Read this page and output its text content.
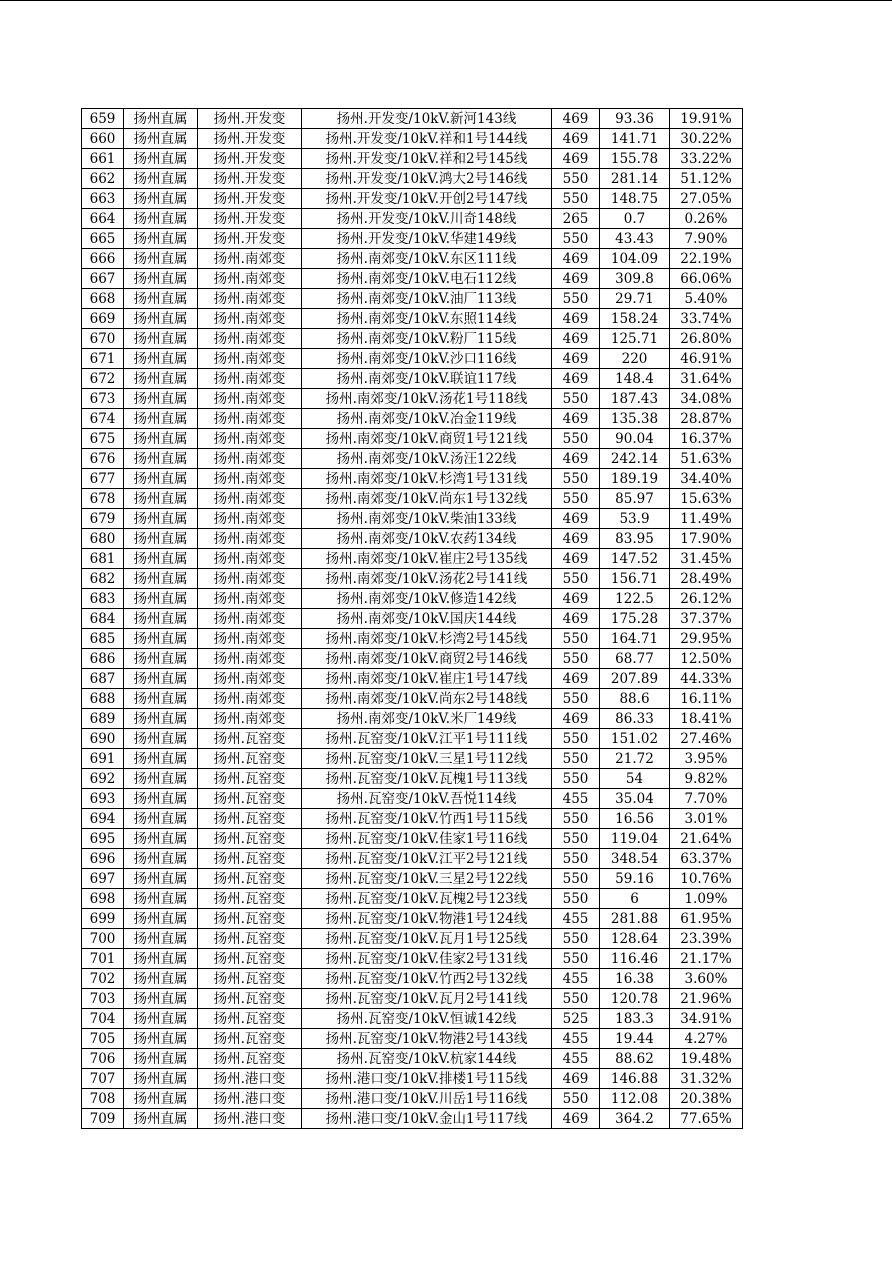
659	扬州直属	扬州.开发变	扬州.开发变/10kV.新河143线	469	93.36	19.91%
660	扬州直属	扬州.开发变	扬州.开发变/10kV.祥和1号144线	469	141.71	30.22%
661	扬州直属	扬州.开发变	扬州.开发变/10kV.祥和2号145线	469	155.78	33.22%
662	扬州直属	扬州.开发变	扬州.开发变/10kV.鸿大2号146线	550	281.14	51.12%
663	扬州直属	扬州.开发变	扬州.开发变/10kV.开创2号147线	550	148.75	27.05%
664	扬州直属	扬州.开发变	扬州.开发变/10kV.川奇148线	265	0.7	0.26%
665	扬州直属	扬州.开发变	扬州.开发变/10kV.华建149线	550	43.43	7.90%
666	扬州直属	扬州.南郊变	扬州.南郊变/10kV.东区111线	469	104.09	22.19%
667	扬州直属	扬州.南郊变	扬州.南郊变/10kV.电石112线	469	309.8	66.06%
668	扬州直属	扬州.南郊变	扬州.南郊变/10kV.油厂113线	550	29.71	5.40%
669	扬州直属	扬州.南郊变	扬州.南郊变/10kV.东照114线	469	158.24	33.74%
670	扬州直属	扬州.南郊变	扬州.南郊变/10kV.粉厂115线	469	125.71	26.80%
671	扬州直属	扬州.南郊变	扬州.南郊变/10kV.沙口116线	469	220	46.91%
672	扬州直属	扬州.南郊变	扬州.南郊变/10kV.联谊117线	469	148.4	31.64%
673	扬州直属	扬州.南郊变	扬州.南郊变/10kV.汤花1号118线	550	187.43	34.08%
674	扬州直属	扬州.南郊变	扬州.南郊变/10kV.冶金119线	469	135.38	28.87%
675	扬州直属	扬州.南郊变	扬州.南郊变/10kV.商贸1号121线	550	90.04	16.37%
676	扬州直属	扬州.南郊变	扬州.南郊变/10kV.汤汪122线	469	242.14	51.63%
677	扬州直属	扬州.南郊变	扬州.南郊变/10kV.杉湾1号131线	550	189.19	34.40%
678	扬州直属	扬州.南郊变	扬州.南郊变/10kV.尚东1号132线	550	85.97	15.63%
679	扬州直属	扬州.南郊变	扬州.南郊变/10kV.柴油133线	469	53.9	11.49%
680	扬州直属	扬州.南郊变	扬州.南郊变/10kV.农药134线	469	83.95	17.90%
681	扬州直属	扬州.南郊变	扬州.南郊变/10kV.崔庄2号135线	469	147.52	31.45%
682	扬州直属	扬州.南郊变	扬州.南郊变/10kV.汤花2号141线	550	156.71	28.49%
683	扬州直属	扬州.南郊变	扬州.南郊变/10kV.修造142线	469	122.5	26.12%
684	扬州直属	扬州.南郊变	扬州.南郊变/10kV.国庆144线	469	175.28	37.37%
685	扬州直属	扬州.南郊变	扬州.南郊变/10kV.杉湾2号145线	550	164.71	29.95%
686	扬州直属	扬州.南郊变	扬州.南郊变/10kV.商贸2号146线	550	68.77	12.50%
687	扬州直属	扬州.南郊变	扬州.南郊变/10kV.崔庄1号147线	469	207.89	44.33%
688	扬州直属	扬州.南郊变	扬州.南郊变/10kV.尚东2号148线	550	88.6	16.11%
689	扬州直属	扬州.南郊变	扬州.南郊变/10kV.米厂149线	469	86.33	18.41%
690	扬州直属	扬州.瓦窑变	扬州.瓦窑变/10kV.江平1号111线	550	151.02	27.46%
691	扬州直属	扬州.瓦窑变	扬州.瓦窑变/10kV.三星1号112线	550	21.72	3.95%
692	扬州直属	扬州.瓦窑变	扬州.瓦窑变/10kV.瓦槐1号113线	550	54	9.82%
693	扬州直属	扬州.瓦窑变	扬州.瓦窑变/10kV.吾悦114线	455	35.04	7.70%
694	扬州直属	扬州.瓦窑变	扬州.瓦窑变/10kV.竹西1号115线	550	16.56	3.01%
695	扬州直属	扬州.瓦窑变	扬州.瓦窑变/10kV.佳家1号116线	550	119.04	21.64%
696	扬州直属	扬州.瓦窑变	扬州.瓦窑变/10kV.江平2号121线	550	348.54	63.37%
697	扬州直属	扬州.瓦窑变	扬州.瓦窑变/10kV.三星2号122线	550	59.16	10.76%
698	扬州直属	扬州.瓦窑变	扬州.瓦窑变/10kV.瓦槐2号123线	550	6	1.09%
699	扬州直属	扬州.瓦窑变	扬州.瓦窑变/10kV.物港1号124线	455	281.88	61.95%
700	扬州直属	扬州.瓦窑变	扬州.瓦窑变/10kV.瓦月1号125线	550	128.64	23.39%
701	扬州直属	扬州.瓦窑变	扬州.瓦窑变/10kV.佳家2号131线	550	116.46	21.17%
702	扬州直属	扬州.瓦窑变	扬州.瓦窑变/10kV.竹西2号132线	455	16.38	3.60%
703	扬州直属	扬州.瓦窑变	扬州.瓦窑变/10kV.瓦月2号141线	550	120.78	21.96%
704	扬州直属	扬州.瓦窑变	扬州.瓦窑变/10kV.恒诚142线	525	183.3	34.91%
705	扬州直属	扬州.瓦窑变	扬州.瓦窑变/10kV.物港2号143线	455	19.44	4.27%
706	扬州直属	扬州.瓦窑变	扬州.瓦窑变/10kV.杭家144线	455	88.62	19.48%
707	扬州直属	扬州.港口变	扬州.港口变/10kV.排楼1号115线	469	146.88	31.32%
708	扬州直属	扬州.港口变	扬州.港口变/10kV.川岳1号116线	550	112.08	20.38%
709	扬州直属	扬州.港口变	扬州.港口变/10kV.金山1号117线	469	364.2	77.65%
